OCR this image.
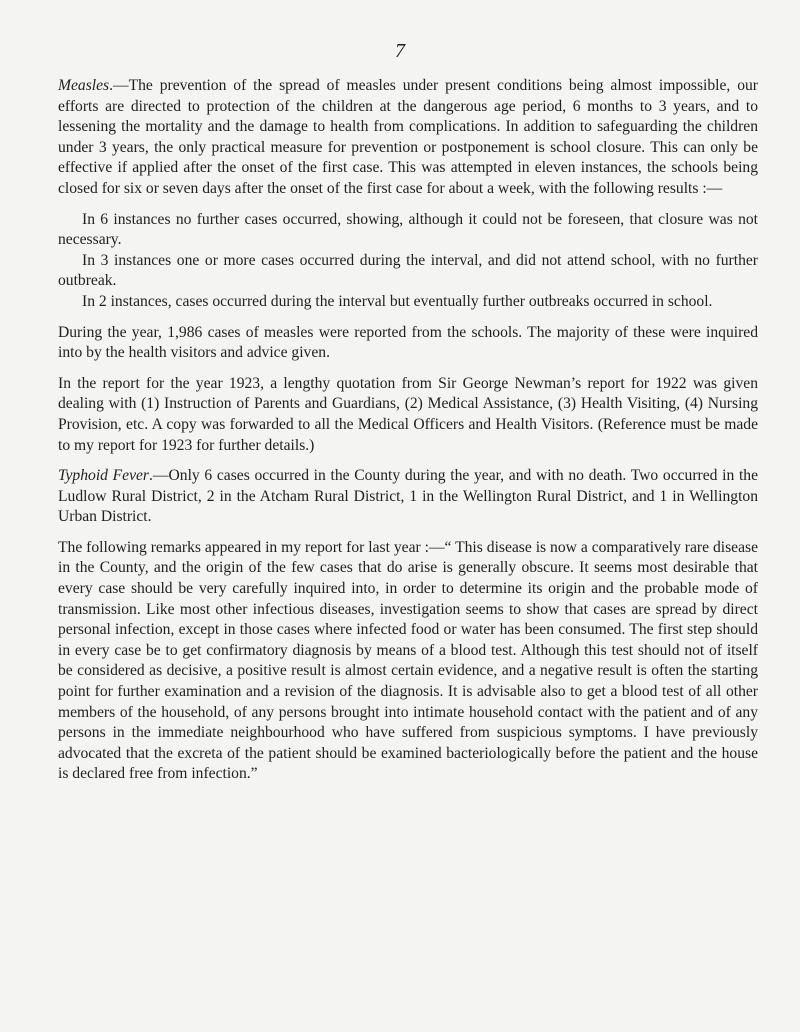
7

Measles.—The prevention of the spread of measles under present conditions being almost impossible, our efforts are directed to protection of the children at the dangerous age period, 6 months to 3 years, and to lessening the mortality and the damage to health from complications. In addition to safeguarding the children under 3 years, the only practical measure for prevention or postponement is school closure. This can only be effective if applied after the onset of the first case. This was attempted in eleven instances, the schools being closed for six or seven days after the onset of the first case for about a week, with the following results :—

In 6 instances no further cases occurred, showing, although it could not be foreseen, that closure was not necessary.

In 3 instances one or more cases occurred during the interval, and did not attend school, with no further outbreak.

In 2 instances, cases occurred during the interval but eventually further outbreaks occurred in school.

During the year, 1,986 cases of measles were reported from the schools. The majority of these were inquired into by the health visitors and advice given.

In the report for the year 1923, a lengthy quotation from Sir George Newman’s report for 1922 was given dealing with (1) Instruction of Parents and Guardians, (2) Medical Assistance, (3) Health Visiting, (4) Nursing Provision, etc. A copy was forwarded to all the Medical Officers and Health Visitors. (Reference must be made to my report for 1923 for further details.)

Typhoid Fever.—Only 6 cases occurred in the County during the year, and with no death. Two occurred in the Ludlow Rural District, 2 in the Atcham Rural District, 1 in the Wellington Rural District, and 1 in Wellington Urban District.

The following remarks appeared in my report for last year :—“ This disease is now a comparatively rare disease in the County, and the origin of the few cases that do arise is generally obscure. It seems most desirable that every case should be very carefully inquired into, in order to determine its origin and the probable mode of transmission. Like most other infectious diseases, investigation seems to show that cases are spread by direct personal infection, except in those cases where infected food or water has been consumed. The first step should in every case be to get confirmatory diagnosis by means of a blood test. Although this test should not of itself be considered as decisive, a positive result is almost certain evidence, and a negative result is often the starting point for further examination and a revision of the diagnosis. It is advisable also to get a blood test of all other members of the household, of any persons brought into intimate household contact with the patient and of any persons in the immediate neighbourhood who have suffered from suspicious symptoms. I have previously advocated that the excreta of the patient should be examined bacteriologically before the patient and the house is declared free from infection.”
